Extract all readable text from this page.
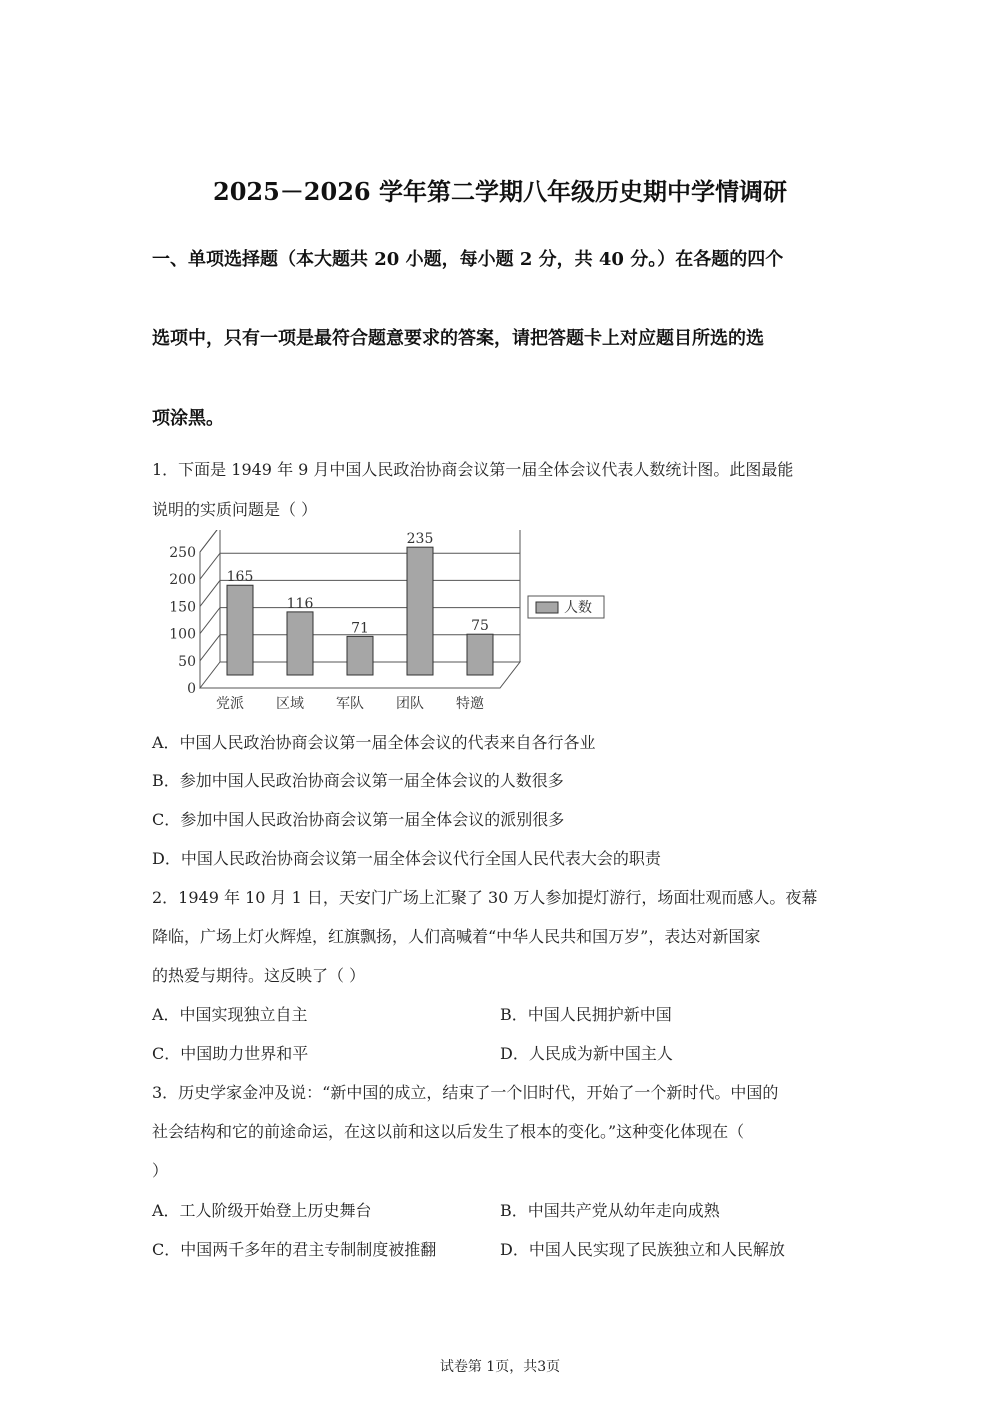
2025－2026 学年第二学期八年级历史期中学情调研
一、单项选择题（本大题共 20 小题，每小题 2 分，共 40 分。）在各题的四个
选项中，只有一项是最符合题意要求的答案，请把答题卡上对应题目所选的选
项涂黑。
1．下面是 1949 年 9 月中国人民政治协商会议第一届全体会议代表人数统计图。此图最能
说明的实质问题是（ ）
0
50
100
150
200
250
165
党派
116
区域
71
军队
235
团队
75
特邀
人数
A．中国人民政治协商会议第一届全体会议的代表来自各行各业
B．参加中国人民政治协商会议第一届全体会议的人数很多
C．参加中国人民政治协商会议第一届全体会议的派别很多
D．中国人民政治协商会议第一届全体会议代行全国人民代表大会的职责
2．1949 年 10 月 1 日，天安门广场上汇聚了 30 万人参加提灯游行，场面壮观而感人。夜幕
降临，广场上灯火辉煌，红旗飘扬，人们高喊着“中华人民共和国万岁”，表达对新国家
的热爱与期待。这反映了（ ）
A．中国实现独立自主	B．中国人民拥护新中国
C．中国助力世界和平	D．人民成为新中国主人
3．历史学家金冲及说：“新中国的成立，结束了一个旧时代，开始了一个新时代。中国的
社会结构和它的前途命运，在这以前和这以后发生了根本的变化。”这种变化体现在（
）
A．工人阶级开始登上历史舞台	B．中国共产党从幼年走向成熟
C．中国两千多年的君主专制制度被推翻	D．中国人民实现了民族独立和人民解放
试卷第 1页，共3页
